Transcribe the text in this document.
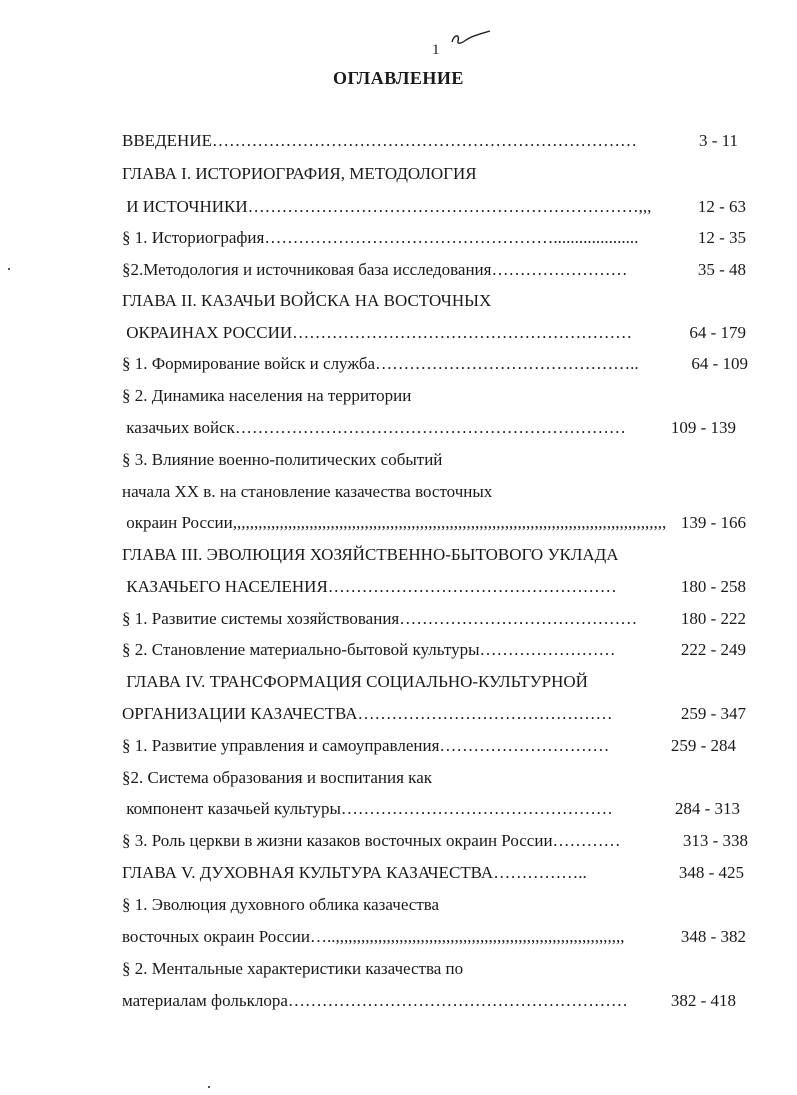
1
ОГЛАВЛЕНИЕ
ВВЕДЕНИЕ…………………………………………………………………	3 - 11
ГЛАВА I. ИСТОРИОГРАФИЯ, МЕТОДОЛОГИЯ
И ИСТОЧНИКИ……………………………………………………………,,,	12 - 63
§ 1. Историография……………………………………………....................	12 - 35
§2.Методология и источниковая база исследования……………………	35 - 48
ГЛАВА II. КАЗАЧЬИ ВОЙСКА НА ВОСТОЧНЫХ
ОКРАИНАХ РОССИИ……………………………………………………	64 - 179
§ 1. Формирование войск и служба………………………………………..	64 - 109
§ 2. Динамика населения на территории
казачьих войск……………………………………………………………	109 - 139
§ 3. Влияние военно-политических событий
начала XX в. на становление казачества восточных
окраин России,,,,,,,,,,,,,,,,,,,,,,,,,,,,,,,,,,,,,,,,,,,,,,,,,,,,,,,,,,,,,,,,,,,,,,,,,,,,,,,,,,,,,,,,,,,,,,,,,,,,,, 139 - 166
ГЛАВА III. ЭВОЛЮЦИЯ ХОЗЯЙСТВЕННО-БЫТОВОГО УКЛАДА
КАЗАЧЬЕГО НАСЕЛЕНИЯ……………………………………………	180 - 258
§ 1. Развитие системы хозяйствования……………………………………	180 - 222
§ 2. Становление материально-бытовой культуры……………………	222 - 249
ГЛАВА IV. ТРАНСФОРМАЦИЯ СОЦИАЛЬНО-КУЛЬТУРНОЙ
ОРГАНИЗАЦИИ КАЗАЧЕСТВА………………………………………	259 - 347
§ 1. Развитие управления и самоуправления…………………………	259 - 284
§2. Система образования и воспитания как
компонент казачьей культуры…………………………………………	284 - 313
§ 3. Роль церкви в жизни казаков восточных окраин России…………	313 - 338
ГЛАВА V. ДУХОВНАЯ КУЛЬТУРА КАЗАЧЕСТВА……………..	348 - 425
§ 1. Эволюция духовного облика казачества
восточных окраин России…..,,,,,,,,,,,,,,,,,,,,,,,,,,,,,,,,,,,,,,,,,,,,,,,,,,,,,,,,,,,,,,,,,,,,	348 - 382
§ 2. Ментальные характеристики казачества по
материалам фольклора……………………………………………………	382 - 418
